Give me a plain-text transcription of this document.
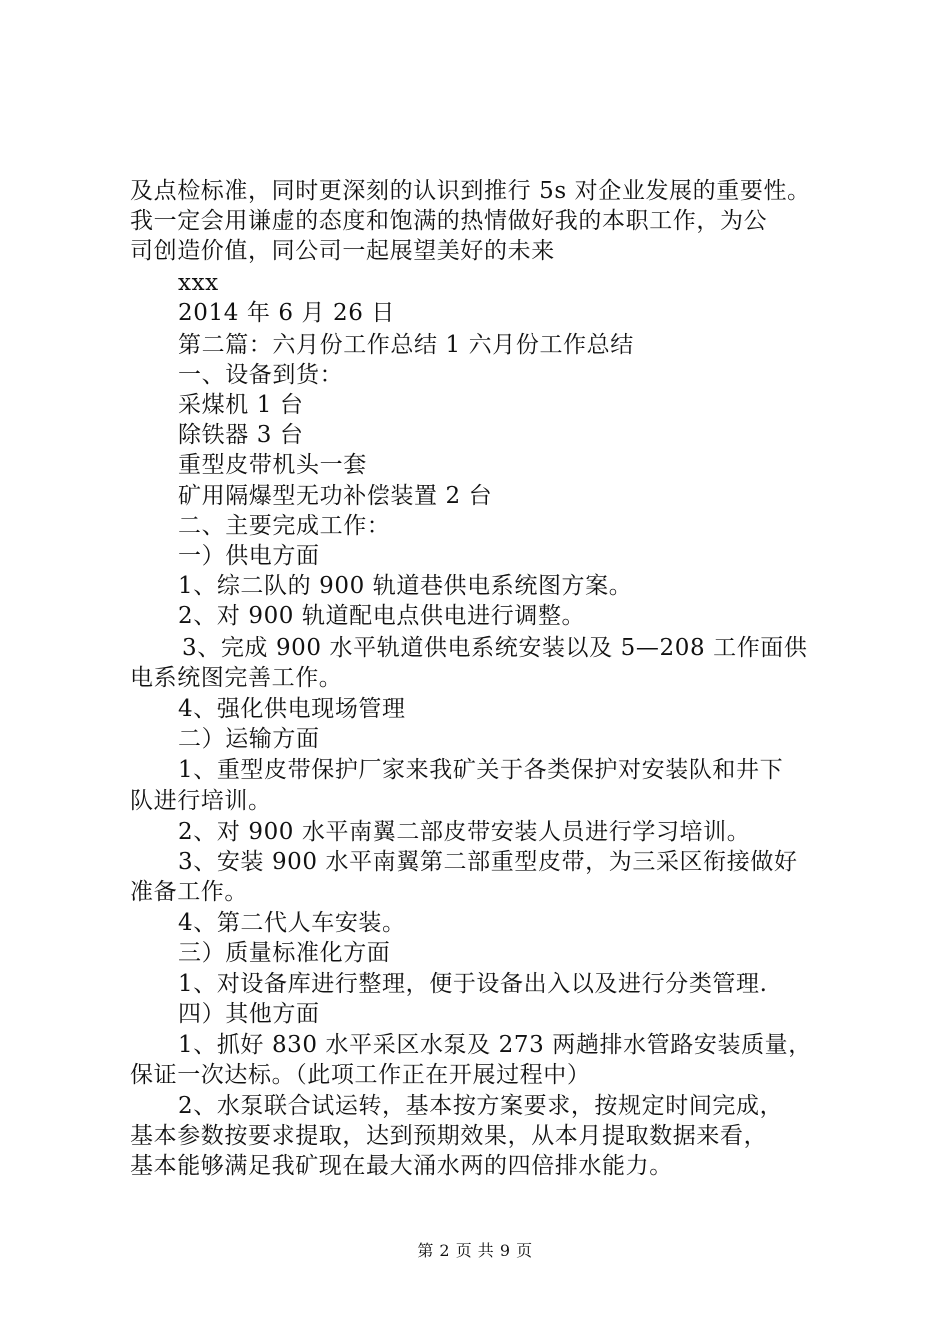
及点检标准，同时更深刻的认识到推行 5s 对企业发展的重要性。
我一定会用谦虚的态度和饱满的热情做好我的本职工作，为公
司创造价值，同公司一起展望美好的未来
xxx
2014 年 6 月 26 日
第二篇：六月份工作总结 1 六月份工作总结
一、设备到货：
采煤机 1 台
除铁器 3 台
重型皮带机头一套
矿用隔爆型无功补偿装置 2 台
二、主要完成工作：
一）供电方面
1、综二队的 900 轨道巷供电系统图方案。
2、对 900 轨道配电点供电进行调整。
3、完成 900 水平轨道供电系统安装以及 5—208 工作面供
电系统图完善工作。
4、强化供电现场管理
二）运输方面
1、重型皮带保护厂家来我矿关于各类保护对安装队和井下
队进行培训。
2、对 900 水平南翼二部皮带安装人员进行学习培训。
3、安装 900 水平南翼第二部重型皮带，为三采区衔接做好
准备工作。
4、第二代人车安装。
三）质量标准化方面
1、对设备库进行整理，便于设备出入以及进行分类管理.
四）其他方面
1、抓好 830 水平采区水泵及 273 两趟排水管路安装质量，
保证一次达标。（此项工作正在开展过程中）
2、水泵联合试运转，基本按方案要求，按规定时间完成，
基本参数按要求提取，达到预期效果，从本月提取数据来看，
基本能够满足我矿现在最大涌水两的四倍排水能力。
第 2 页 共 9 页
